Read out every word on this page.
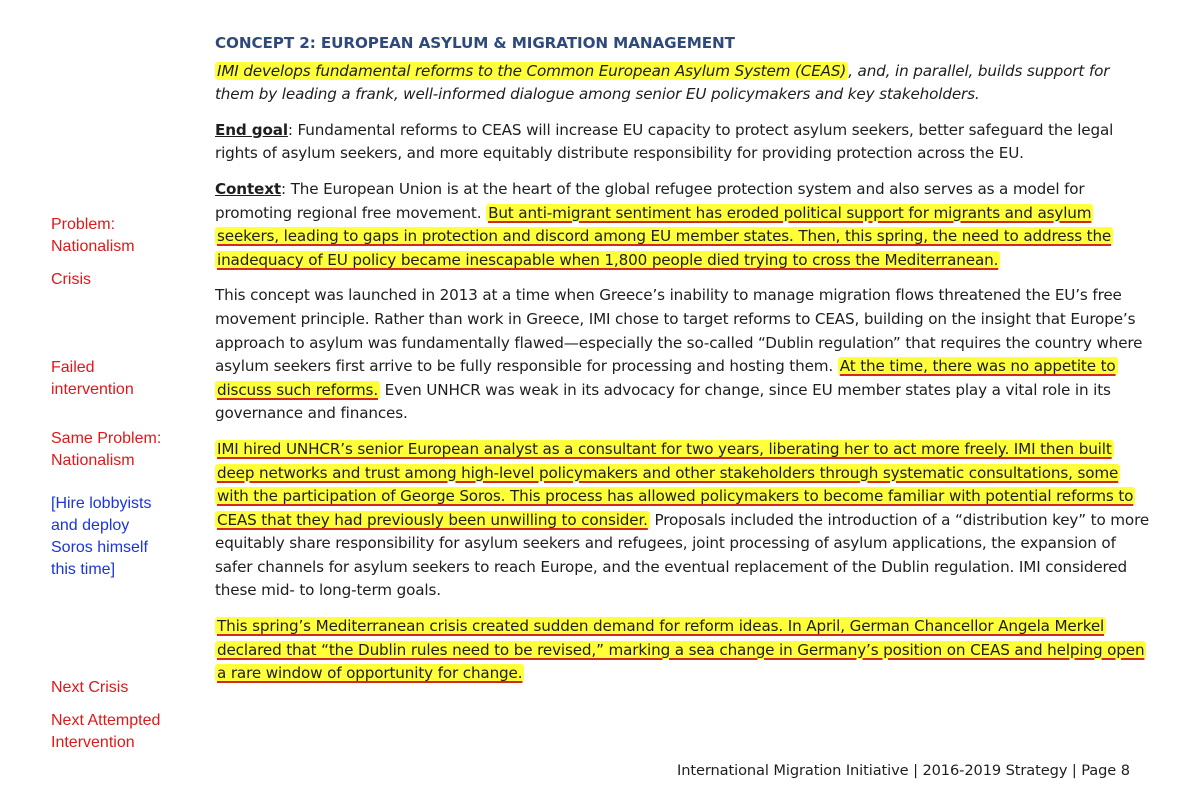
CONCEPT 2: EUROPEAN ASYLUM & MIGRATION MANAGEMENT

IMI develops fundamental reforms to the Common European Asylum System (CEAS) , and, in parallel, builds support for them by leading a frank, well-informed dialogue among senior EU policymakers and key stakeholders.

End goal: Fundamental reforms to CEAS will increase EU capacity to protect asylum seekers, better safeguard the legal rights of asylum seekers, and more equitably distribute responsibility for providing protection across the EU.

Context: The European Union is at the heart of the global refugee protection system and also serves as a model for promoting regional free movement. But anti-migrant sentiment has eroded political support for migrants and asylum seekers, leading to gaps in protection and discord among EU member states. Then, this spring, the need to address the inadequacy of EU policy became inescapable when 1,800 people died trying to cross the Mediterranean.

This concept was launched in 2013 at a time when Greece’s inability to manage migration flows threatened the EU’s free movement principle. Rather than work in Greece, IMI chose to target reforms to CEAS, building on the insight that Europe’s approach to asylum was fundamentally flawed—especially the so-called “Dublin regulation” that requires the country where asylum seekers first arrive to be fully responsible for processing and hosting them. At the time, there was no appetite to discuss such reforms. Even UNHCR was weak in its advocacy for change, since EU member states play a vital role in its governance and finances.

IMI hired UNHCR’s senior European analyst as a consultant for two years, liberating her to act more freely. IMI then built deep networks and trust among high-level policymakers and other stakeholders through systematic consultations, some with the participation of George Soros. This process has allowed policymakers to become familiar with potential reforms to CEAS that they had previously been unwilling to consider. Proposals included the introduction of a “distribution key” to more equitably share responsibility for asylum seekers and refugees, joint processing of asylum applications, the expansion of safer channels for asylum seekers to reach Europe, and the eventual replacement of the Dublin regulation. IMI considered these mid- to long-term goals.

This spring’s Mediterranean crisis created sudden demand for reform ideas. In April, German Chancellor Angela Merkel declared that “the Dublin rules need to be revised,” marking a sea change in Germany’s position on CEAS and helping open a rare window of opportunity for change.

Problem:
Nationalism
Crisis
Failed
intervention
Same Problem:
Nationalism
[Hire lobbyists
and deploy
Soros himself
this time]
Next Crisis
Next Attempted
Intervention
International Migration Initiative | 2016-2019 Strategy | Page 8
